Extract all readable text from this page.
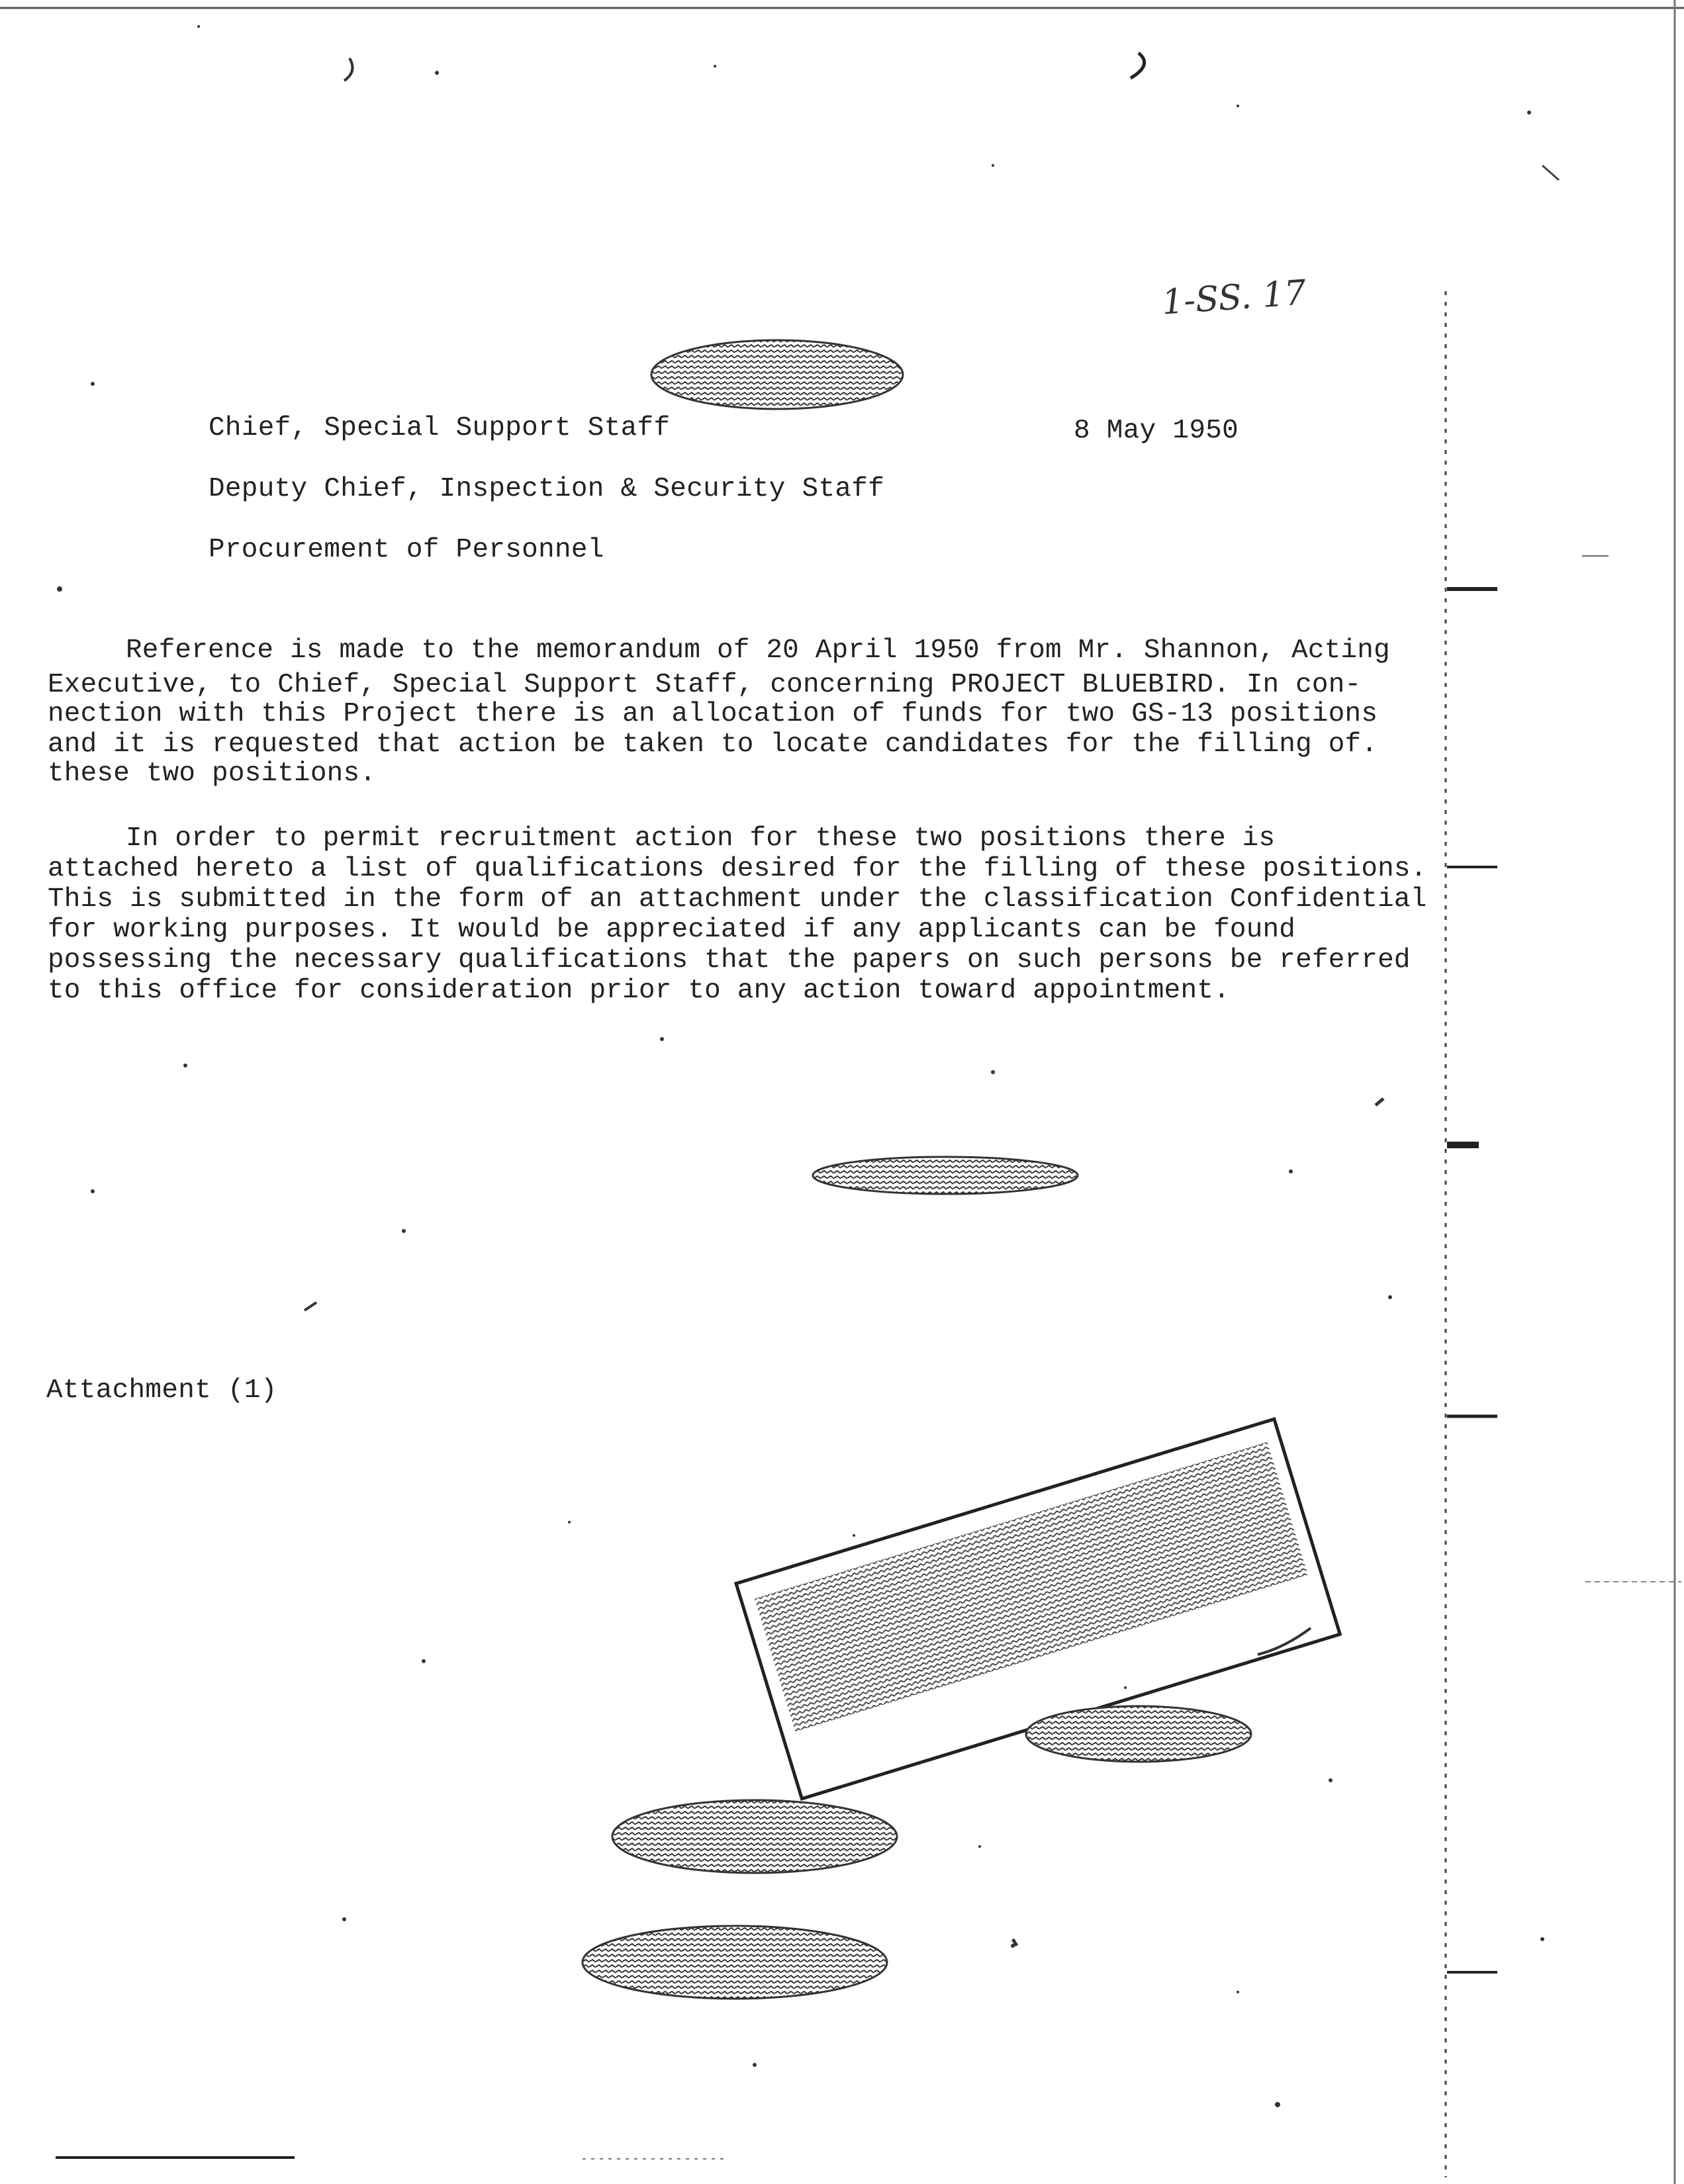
1-SS. 17
Chief, Special Support Staff	8 May 1950
Deputy Chief, Inspection & Security Staff
Procurement of Personnel
Reference is made to the memorandum of 20 April 1950 from Mr. Shannon, Acting
Executive, to Chief, Special Support Staff, concerning PROJECT BLUEBIRD. In con-
nection with this Project there is an allocation of funds for two GS-13 positions
and it is requested that action be taken to locate candidates for the filling of.
these two positions.
In order to permit recruitment action for these two positions there is
attached hereto a list of qualifications desired for the filling of these positions.
This is submitted in the form of an attachment under the classification Confidential
for working purposes. It would be appreciated if any applicants can be found
possessing the necessary qualifications that the papers on such persons be referred
to this office for consideration prior to any action toward appointment.
Attachment (1)
